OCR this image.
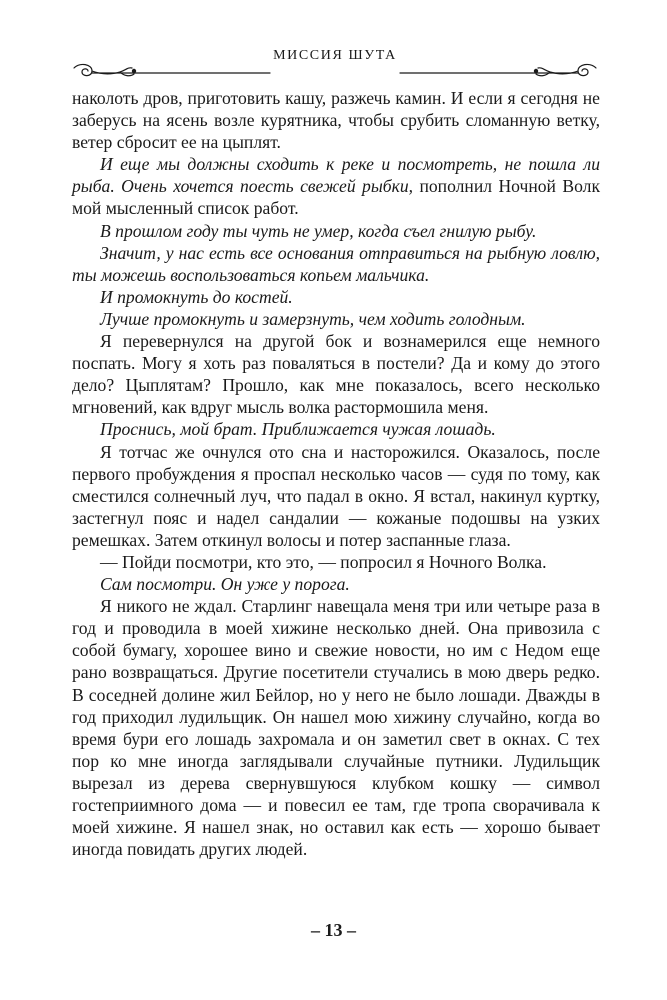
МИССИЯ ШУТА

наколоть дров, приготовить кашу, разжечь камин. И если я сегодня не заберусь на ясень возле курятника, чтобы срубить сломанную ветку, ветер сбросит ее на цыплят.

И еще мы должны сходить к реке и посмотреть, не пошла ли рыба. Очень хочется поесть свежей рыбки, пополнил Ночной Волк мой мысленный список работ.

В прошлом году ты чуть не умер, когда съел гнилую рыбу.

Значит, у нас есть все основания отправиться на рыбную ловлю, ты можешь воспользоваться копьем мальчика.

И промокнуть до костей.

Лучше промокнуть и замерзнуть, чем ходить голодным.

Я перевернулся на другой бок и вознамерился еще немного поспать. Могу я хоть раз поваляться в постели? Да и кому до этого дело? Цыплятам? Прошло, как мне показалось, всего несколько мгновений, как вдруг мысль волка растормошила меня.

Проснись, мой брат. Приближается чужая лошадь.

Я тотчас же очнулся ото сна и насторожился. Оказалось, после первого пробуждения я проспал несколько часов — судя по тому, как сместился солнечный луч, что падал в окно. Я встал, накинул куртку, застегнул пояс и надел сандалии — кожаные подошвы на узких ремешках. Затем откинул волосы и потер заспанные глаза.

— Пойди посмотри, кто это, — попросил я Ночного Волка.

Сам посмотри. Он уже у порога.

Я никого не ждал. Старлинг навещала меня три или четыре раза в год и проводила в моей хижине несколько дней. Она привозила с собой бумагу, хорошее вино и свежие новости, но им с Недом еще рано возвращаться. Другие посетители стучались в мою дверь редко. В соседней долине жил Бейлор, но у него не было лошади. Дважды в год приходил лудильщик. Он нашел мою хижину случайно, когда во время бури его лошадь захромала и он заметил свет в окнах. С тех пор ко мне иногда заглядывали случайные путники. Лудильщик вырезал из дерева свернувшуюся клубком кошку — символ гостеприимного дома — и повесил ее там, где тропа сворачивала к моей хижине. Я нашел знак, но оставил как есть — хорошо бывает иногда повидать других людей.

– 13 –
